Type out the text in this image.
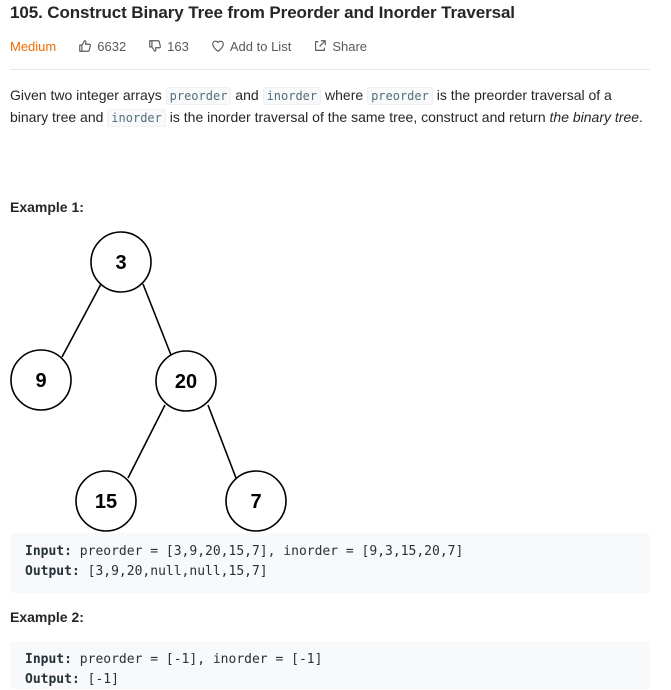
105. Construct Binary Tree from Preorder and Inorder Traversal
Medium	6632	163	Add to List	Share
Given two integer arrays preorder and inorder where preorder is the preorder traversal of a binary tree and inorder is the inorder traversal of the same tree, construct and return the binary tree.
Example 1:
3
9	20
15	7
Input: preorder = [3,9,20,15,7], inorder = [9,3,15,20,7]
Output: [3,9,20,null,null,15,7]
Example 2:
Input: preorder = [-1], inorder = [-1]
Output: [-1]
